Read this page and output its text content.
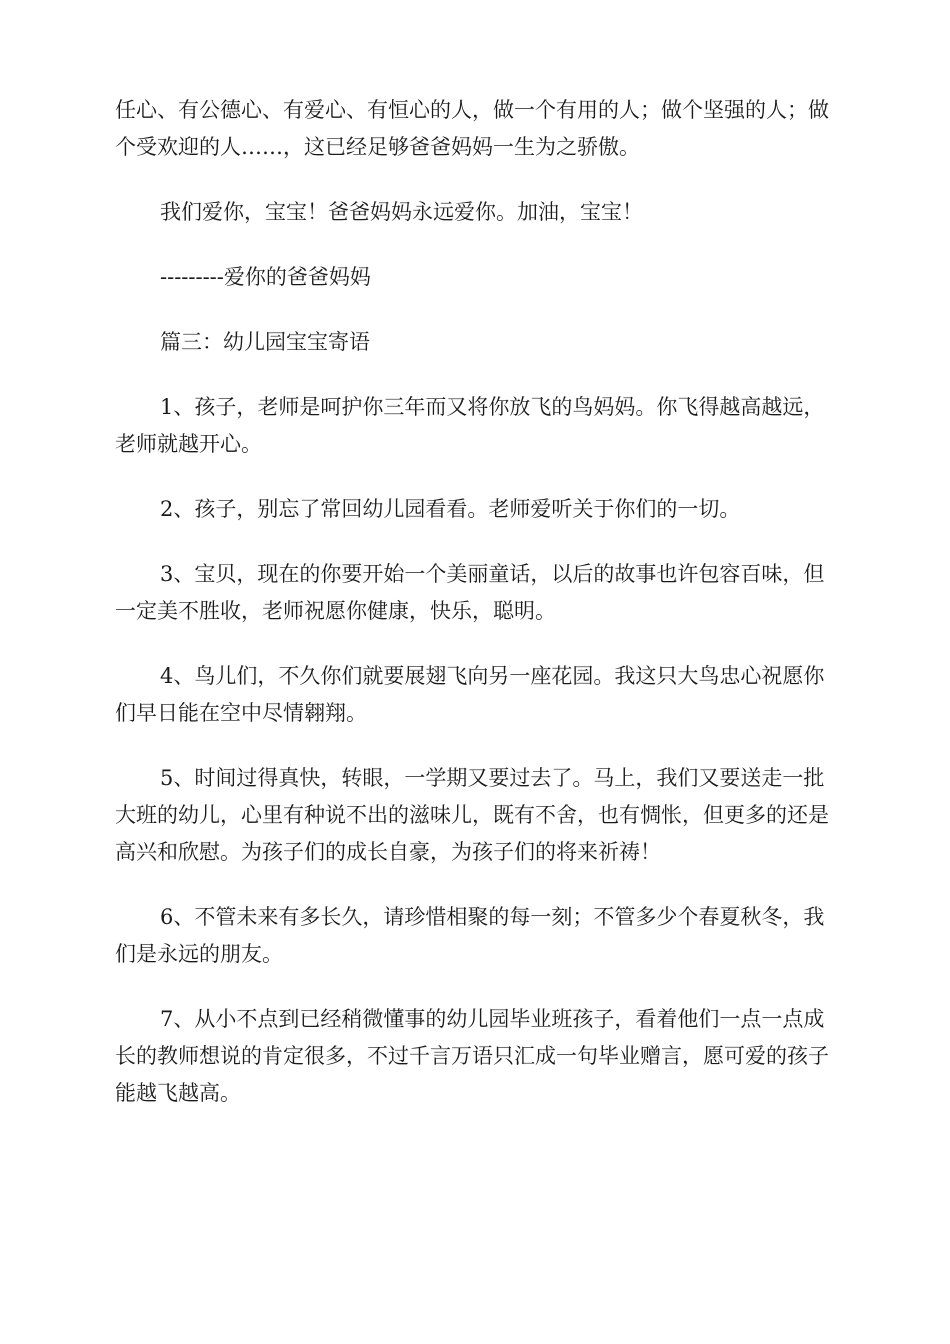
任心、有公德心、有爱心、有恒心的人，做一个有用的人；做个坚强的人；做个受欢迎的人……，这已经足够爸爸妈妈一生为之骄傲。

我们爱你，宝宝！爸爸妈妈永远爱你。加油，宝宝！

---------爱你的爸爸妈妈

篇三：幼儿园宝宝寄语

1、孩子，老师是呵护你三年而又将你放飞的鸟妈妈。你飞得越高越远，老师就越开心。

2、孩子，别忘了常回幼儿园看看。老师爱听关于你们的一切。

3、宝贝，现在的你要开始一个美丽童话，以后的故事也许包容百味，但一定美不胜收，老师祝愿你健康，快乐，聪明。

4、鸟儿们，不久你们就要展翅飞向另一座花园。我这只大鸟忠心祝愿你们早日能在空中尽情翱翔。

5、时间过得真快，转眼，一学期又要过去了。马上，我们又要送走一批大班的幼儿，心里有种说不出的滋味儿，既有不舍，也有惆怅，但更多的还是高兴和欣慰。为孩子们的成长自豪，为孩子们的将来祈祷！

6、不管未来有多长久，请珍惜相聚的每一刻；不管多少个春夏秋冬，我们是永远的朋友。

7、从小不点到已经稍微懂事的幼儿园毕业班孩子，看着他们一点一点成长的教师想说的肯定很多，不过千言万语只汇成一句毕业赠言，愿可爱的孩子能越飞越高。
